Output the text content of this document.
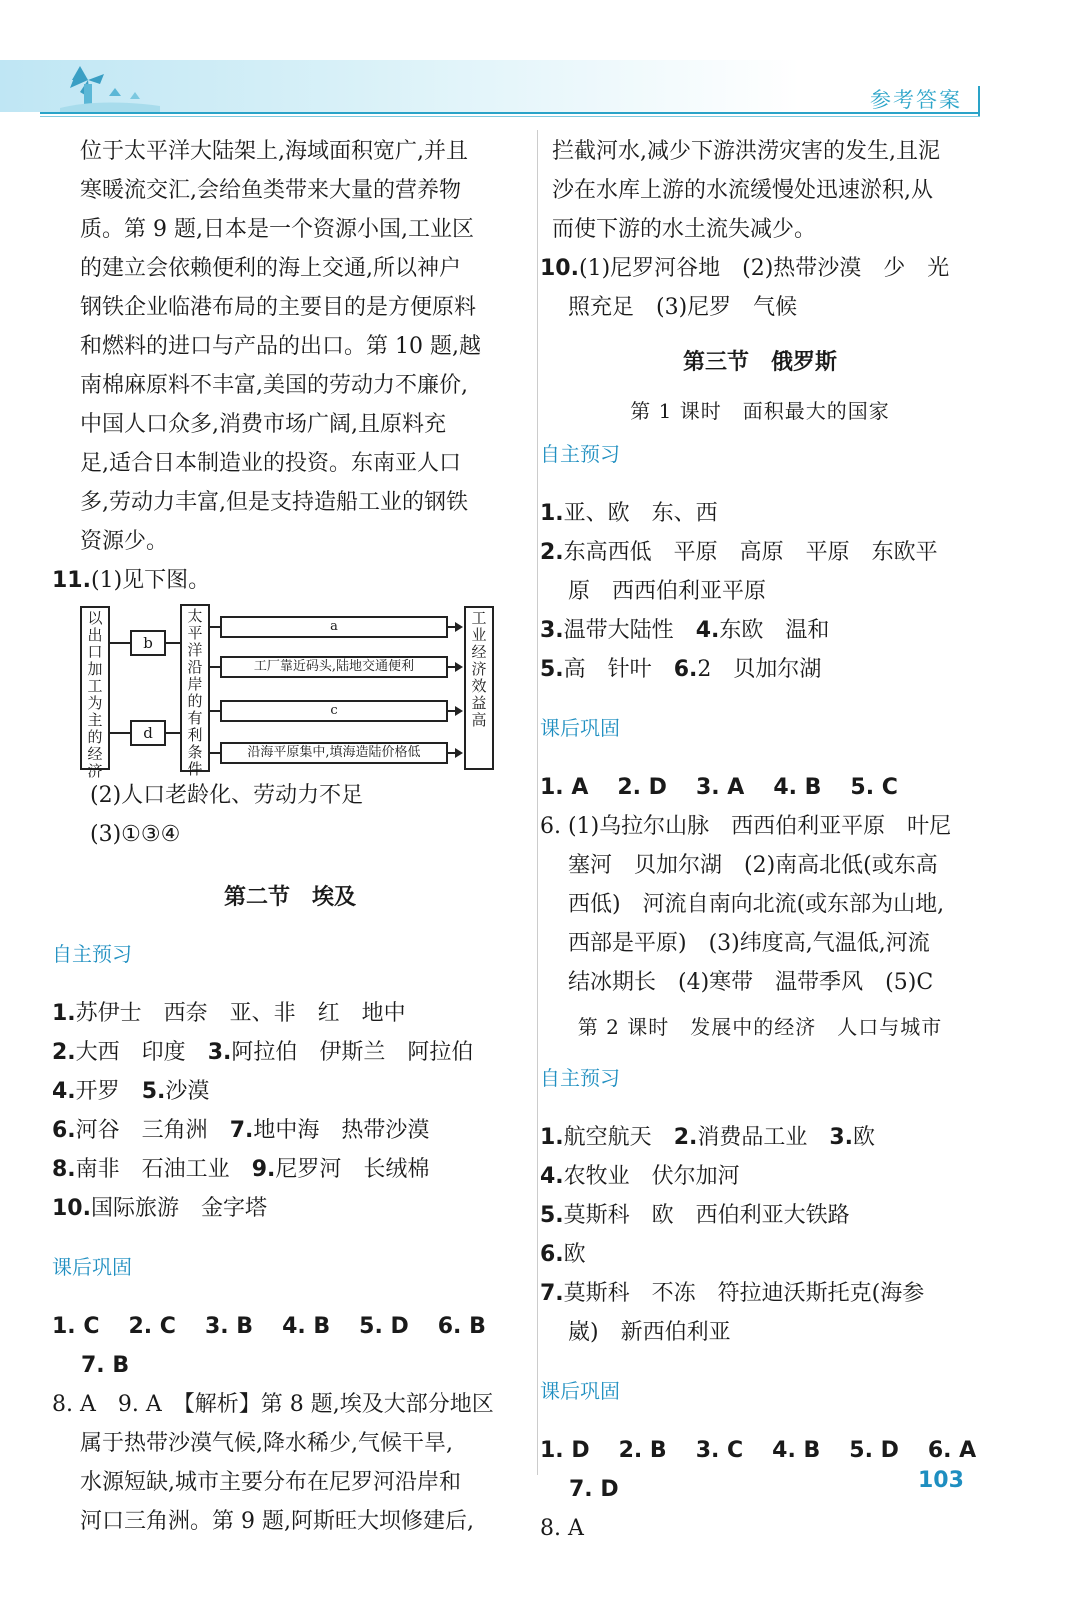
参考答案

位于太平洋大陆架上,海域面积宽广,并且

寒暖流交汇,会给鱼类带来大量的营养物

质。第 9 题,日本是一个资源小国,工业区

的建立会依赖便利的海上交通,所以神户

钢铁企业临港布局的主要目的是方便原料

和燃料的进口与产品的出口。第 10 题,越

南棉麻原料不丰富,美国的劳动力不廉价,

中国人口众多,消费市场广阔,且原料充

足,适合日本制造业的投资。东南亚人口

多,劳动力丰富,但是支持造船工业的钢铁

资源少。

11.(1)见下图。

以出口加工为主的经济
b
d
太平洋沿岸的有利条件
a
工厂靠近码头,陆地交通便利
c
沿海平原集中,填海造陆价格低
工业经济效益高

(2)人口老龄化、劳动力不足

(3)①③④

第二节　埃及

自主预习

1.苏伊士　西奈　亚、非　红　地中

2.大西　印度　3.阿拉伯　伊斯兰　阿拉伯

4.开罗　5.沙漠

6.河谷　三角洲　7.地中海　热带沙漠

8.南非　石油工业　9.尼罗河　长绒棉

10.国际旅游　金字塔

课后巩固

1. C 2. C 3. B 4. B 5. D 6. B 7. B

8. A　9. A　【解析】第 8 题,埃及大部分地区

属于热带沙漠气候,降水稀少,气候干旱,

水源短缺,城市主要分布在尼罗河沿岸和

河口三角洲。第 9 题,阿斯旺大坝修建后,

拦截河水,减少下游洪涝灾害的发生,且泥

沙在水库上游的水流缓慢处迅速淤积,从

而使下游的水土流失减少。

10.(1)尼罗河谷地　(2)热带沙漠　少　光

照充足　(3)尼罗　气候

第三节　俄罗斯

第 1 课时　面积最大的国家

自主预习

1.亚、欧　东、西

2.东高西低　平原　高原　平原　东欧平

原　西西伯利亚平原

3.温带大陆性　4.东欧　温和

5.高　针叶　6.2　贝加尔湖

课后巩固

1. A 2. D 3. A 4. B 5. C

6. (1)乌拉尔山脉　西西伯利亚平原　叶尼

塞河　贝加尔湖　(2)南高北低(或东高

西低)　河流自南向北流(或东部为山地,

西部是平原)　(3)纬度高,气温低,河流

结冰期长　(4)寒带　温带季风　(5)C

第 2 课时　发展中的经济　人口与城市

自主预习

1.航空航天　2.消费品工业　3.欧

4.农牧业　伏尔加河

5.莫斯科　欧　西伯利亚大铁路

6.欧

7.莫斯科　不冻　符拉迪沃斯托克(海参

崴)　新西伯利亚

课后巩固

1. D 2. B 3. C 4. B 5. D 6. A 7. D

8. A

103
